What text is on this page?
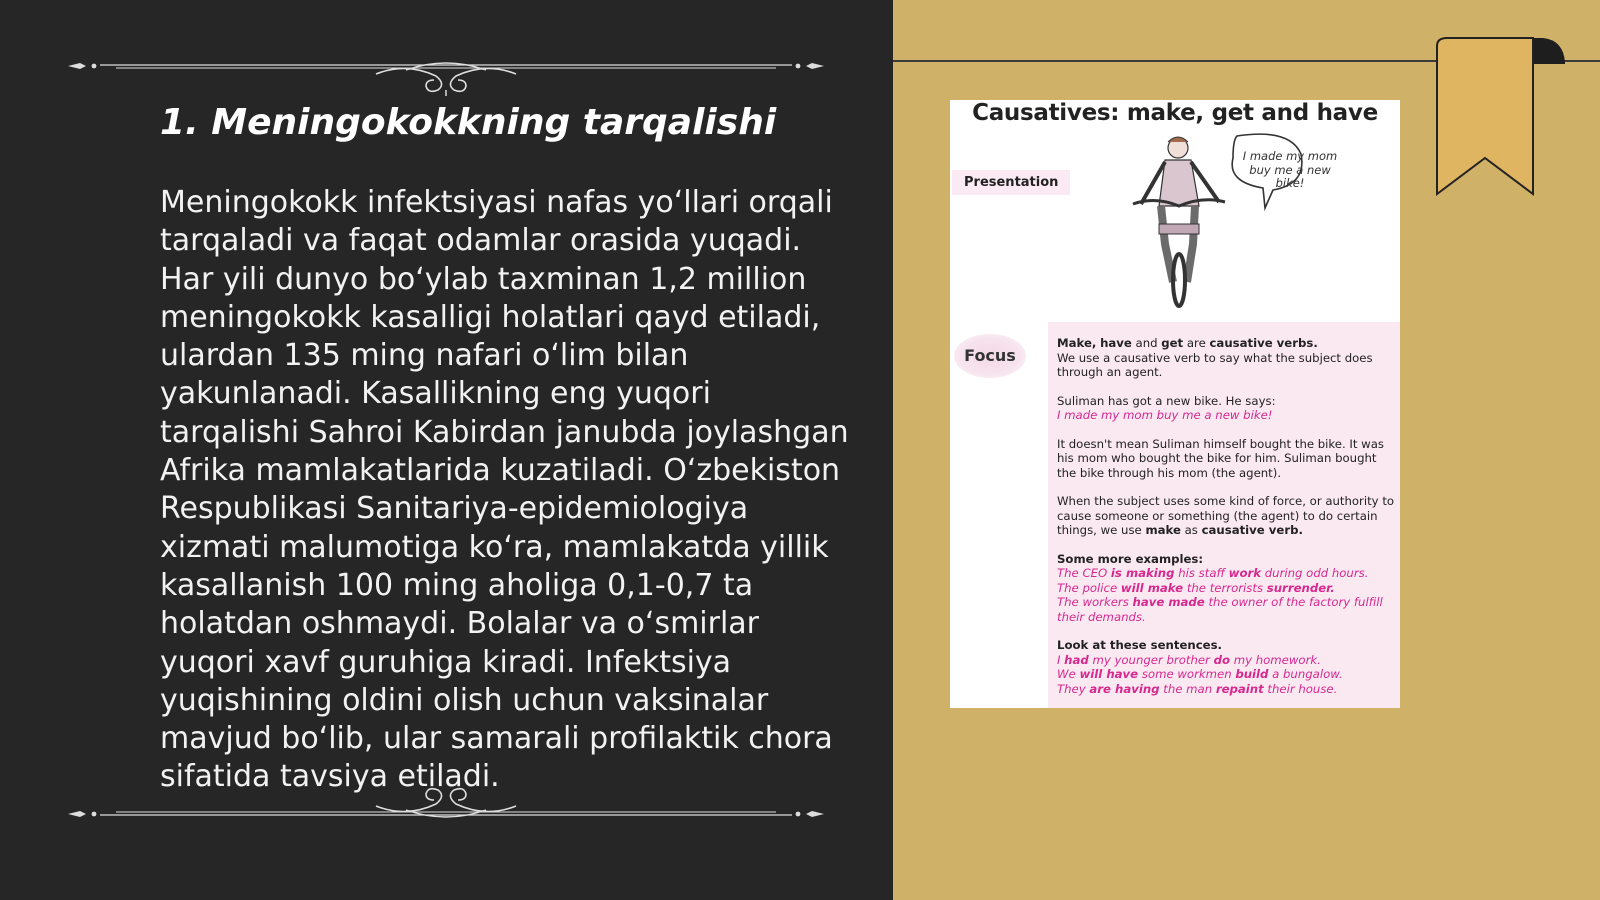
1. Meningokokkning tarqalishi

Meningokokk infektsiyasi nafas yo‘llari orqali tarqaladi va faqat odamlar orasida yuqadi. Har yili dunyo bo‘ylab taxminan 1,2 million meningokokk kasalligi holatlari qayd etiladi, ulardan 135 ming nafari o‘lim bilan yakunlanadi. Kasallikning eng yuqori tarqalishi Sahroi Kabirdan janubda joylashgan Afrika mamlakatlarida kuzatiladi. O‘zbekiston Respublikasi Sanitariya-epidemiologiya xizmati malumotiga ko‘ra, mamlakatda yillik kasallanish 100 ming aholiga 0,1-0,7 ta holatdan oshmaydi. Bolalar va o‘smirlar yuqori xavf guruhiga kiradi. Infektsiya yuqishining oldini olish uchun vaksinalar mavjud bo‘lib, ular samarali profilaktik chora sifatida tavsiya etiladi.

Causatives: make, get and have
Presentation
I made my mom buy me a new bike!
Focus

Make, have and get are causative verbs.
We use a causative verb to say what the subject does through an agent.

Suliman has got a new bike. He says:
I made my mom buy me a new bike!

It doesn't mean Suliman himself bought the bike. It was his mom who bought the bike for him. Suliman bought the bike through his mom (the agent).

When the subject uses some kind of force, or authority to cause someone or something (the agent) to do certain things, we use make as causative verb.

Some more examples:
The CEO is making his staff work during odd hours.
The police will make the terrorists surrender.
The workers have made the owner of the factory fulfill their demands.

Look at these sentences.
I had my younger brother do my homework.
We will have some workmen build a bungalow.
They are having the man repaint their house.
